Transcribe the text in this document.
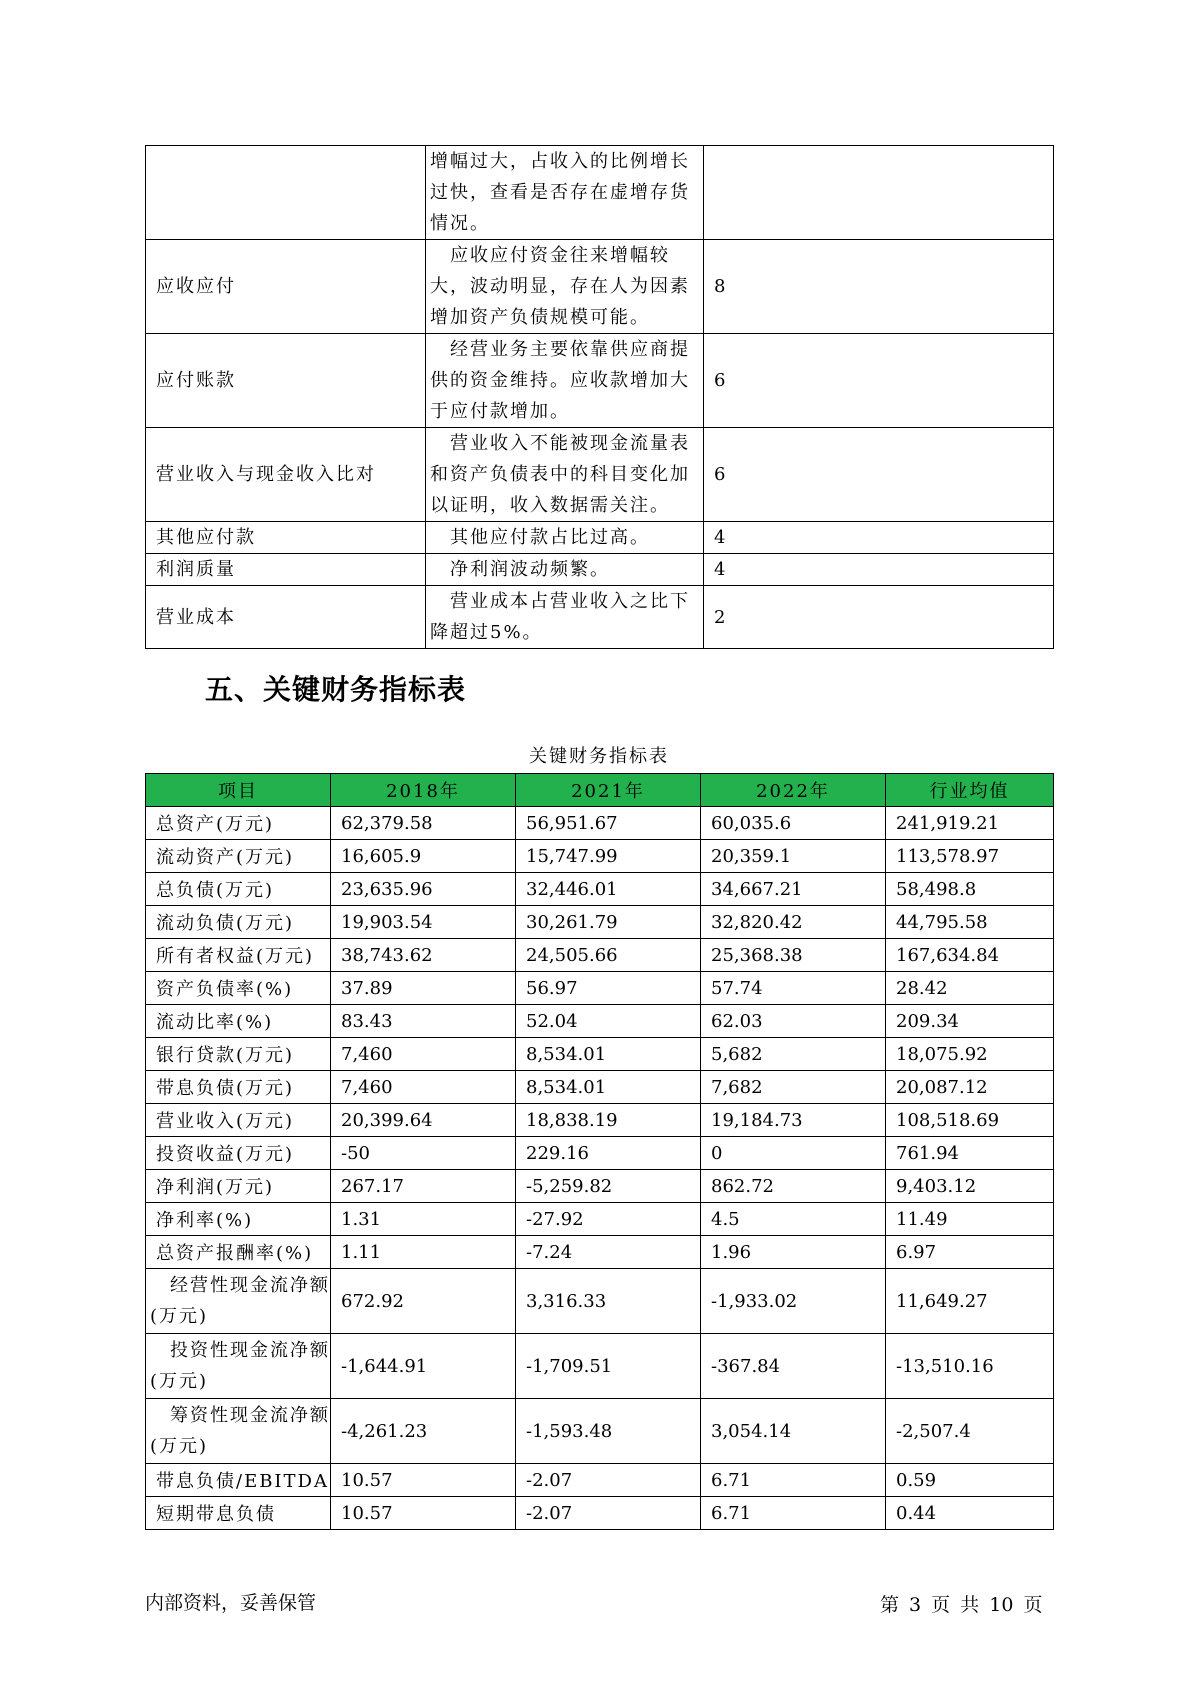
	增幅过大，占收入的比例增长过快，查看是否存在虚增存货情况。	
应收应付	　应收应付资金往来增幅较大，波动明显，存在人为因素增加资产负债规模可能。	8
应付账款	　经营业务主要依靠供应商提供的资金维持。应收款增加大于应付款增加。	6
营业收入与现金收入比对	　营业收入不能被现金流量表和资产负债表中的科目变化加以证明，收入数据需关注。	6
其他应付款	　其他应付款占比过高。	4
利润质量	　净利润波动频繁。	4
营业成本	　营业成本占营业收入之比下降超过5%。	2
五、关键财务指标表
关键财务指标表
项目	2018年	2021年	2022年	行业均值
总资产(万元)	62,379.58	56,951.67	60,035.6	241,919.21
流动资产(万元)	16,605.9	15,747.99	20,359.1	113,578.97
总负债(万元)	23,635.96	32,446.01	34,667.21	58,498.8
流动负债(万元)	19,903.54	30,261.79	32,820.42	44,795.58
所有者权益(万元)	38,743.62	24,505.66	25,368.38	167,634.84
资产负债率(%)	37.89	56.97	57.74	28.42
流动比率(%)	83.43	52.04	62.03	209.34
银行贷款(万元)	7,460	8,534.01	5,682	18,075.92
带息负债(万元)	7,460	8,534.01	7,682	20,087.12
营业收入(万元)	20,399.64	18,838.19	19,184.73	108,518.69
投资收益(万元)	-50	229.16	0	761.94
净利润(万元)	267.17	-5,259.82	862.72	9,403.12
净利率(%)	1.31	-27.92	4.5	11.49
总资产报酬率(%)	1.11	-7.24	1.96	6.97
　经营性现金流净额(万元)	672.92	3,316.33	-1,933.02	11,649.27
　投资性现金流净额(万元)	-1,644.91	-1,709.51	-367.84	-13,510.16
　筹资性现金流净额(万元)	-4,261.23	-1,593.48	3,054.14	-2,507.4
带息负债/EBITDA	10.57	-2.07	6.71	0.59
短期带息负债	10.57	-2.07	6.71	0.44
内部资料，妥善保管	第 3 页 共 10 页
